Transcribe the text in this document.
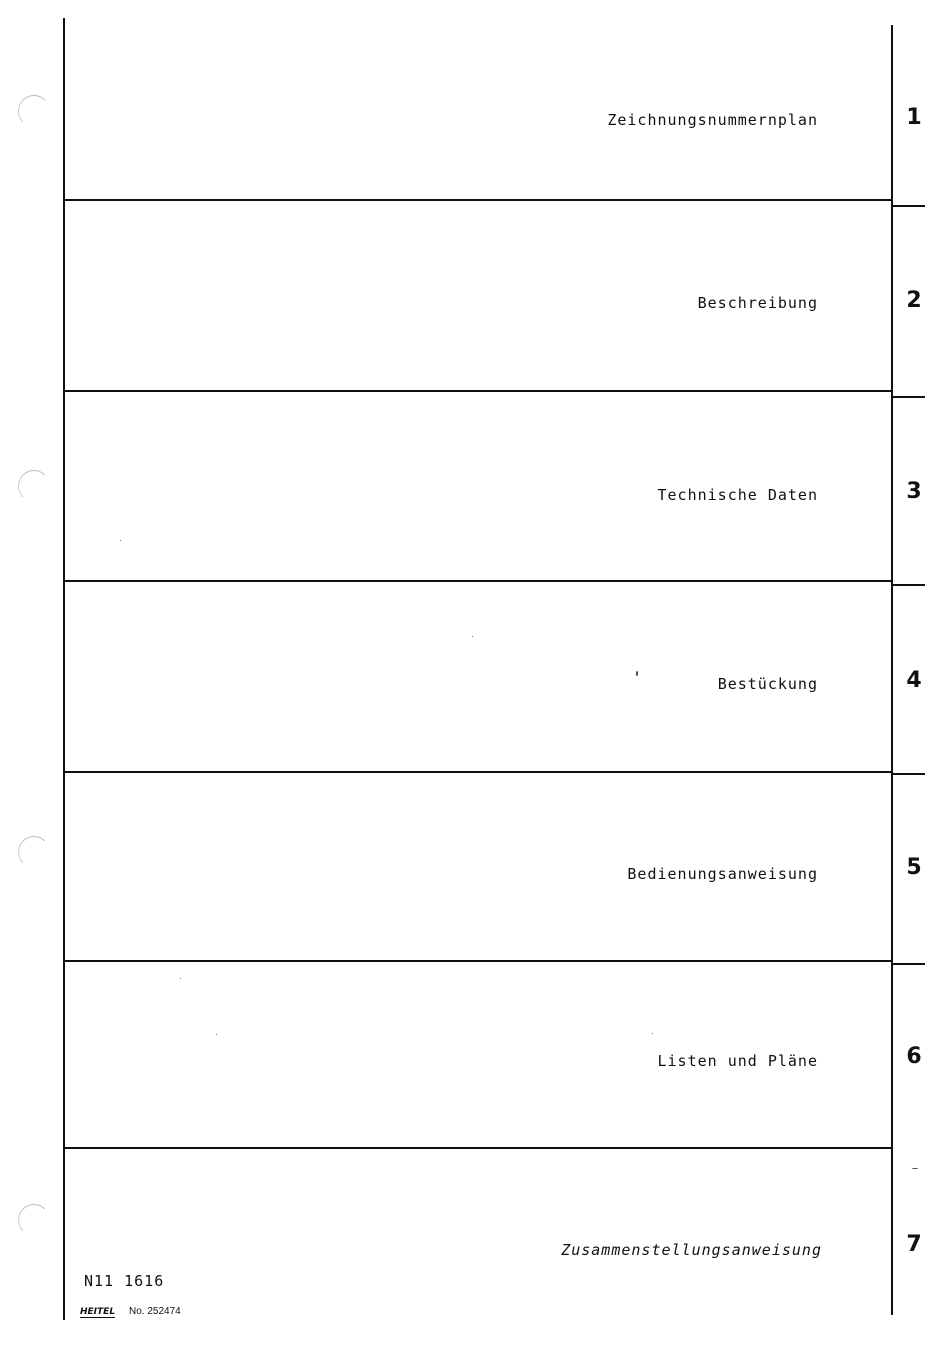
Zeichnungsnummernplan	1
Beschreibung	2
Technische Daten	3
Bestückung	4
Bedienungsanweisung	5
Listen und Pläne	6
Zusammenstellungsanweisung	7
N11 1616
HEITEL No. 252474
